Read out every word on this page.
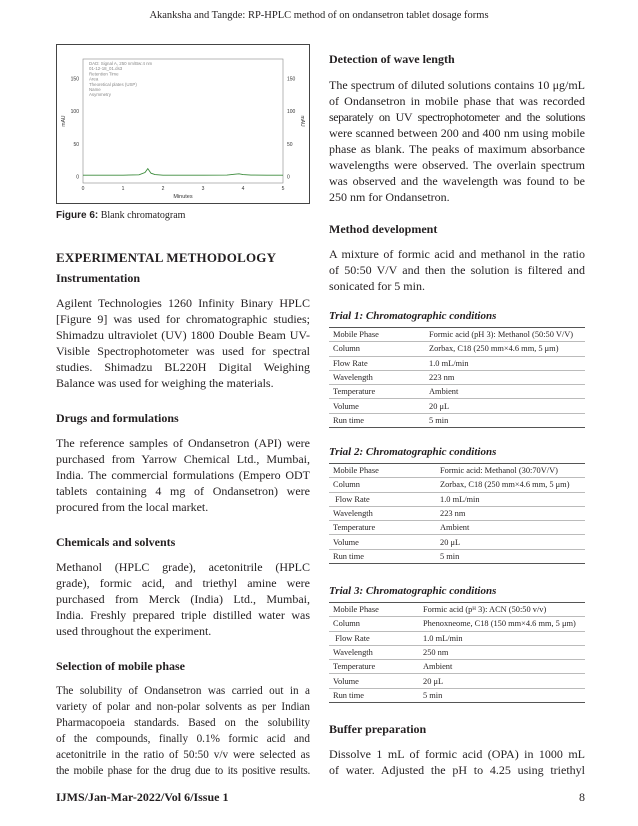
Akanksha and Tangde: RP-HPLC method of on ondansetron tablet dosage forms
0	0
50	50
100	100
150	150
0	1	2	3	4	5
Minutes
mAU	mAU
DAD: Signal A, 250 nm/Bw:4 nm
01-12-18_01.ds3
Retention Time
Area
Theoretical plates (USP)
Name
Asymmetry
Figure 6: Blank chromatogram
EXPERIMENTAL METHODOLOGY
Instrumentation

Agilent Technologies 1260 Infinity Binary HPLC

[Figure 9] was used for chromatographic studies;

Shimadzu ultraviolet (UV) 1800 Double Beam UV-

Visible Spectrophotometer was used for spectral

studies. Shimadzu BL220H Digital Weighing

Balance was used for weighing the materials.

Drugs and formulations

The reference samples of Ondansetron (API) were

purchased from Yarrow Chemical Ltd., Mumbai,

India. The commercial formulations (Empero ODT

tablets containing 4 mg of Ondansetron) were

procured from the local market.

Chemicals and solvents

Methanol (HPLC grade), acetonitrile (HPLC

grade), formic acid, and triethyl amine were

purchased from Merck (India) Ltd., Mumbai,

India. Freshly prepared triple distilled water was

used throughout the experiment.

Selection of mobile phase

The solubility of Ondansetron was carried out in a

variety of polar and non-polar solvents as per Indian

Pharmacopoeia standards. Based on the solubility

of the compounds, finally 0.1% formic acid and

acetonitrile in the ratio of 50:50 v/v were selected as

the mobile phase for the drug due to its positive results.

Detection of wave length

The spectrum of diluted solutions contains 10 μg/mL

of Ondansetron in mobile phase that was recorded

separately on UV spectrophotometer and the solutions

were scanned between 200 and 400 nm using mobile

phase as blank. The peaks of maximum absorbance

wavelengths were observed. The overlain spectrum

was observed and the wavelength was found to be

250 nm for Ondansetron.

Method development

A mixture of formic acid and methanol in the ratio

of 50:50 V/V and then the solution is filtered and

sonicated for 5 min.

Trial 1: Chromatographic conditions
Mobile Phase	Formic acid (pH 3): Methanol (50:50 V/V)
Column	Zorbax, C18 (250 mm×4.6 mm, 5 μm)
Flow Rate	1.0 mL/min
Wavelength	223 nm
Temperature	Ambient
Volume	20 μL
Run time	5 min
Trial 2: Chromatographic conditions
Mobile Phase	Formic acid: Methanol (30:70V/V)
Column	Zorbax, C18 (250 mm×4.6 mm, 5 μm)
Flow Rate	1.0 mL/min
Wavelength	223 nm
Temperature	Ambient
Volume	20 μL
Run time	5 min
Trial 3: Chromatographic conditions
Mobile Phase	Formic acid (pᴴ 3): ACN (50:50 v/v)
Column	Phenoxneome, C18 (150 mm×4.6 mm, 5 μm)
Flow Rate	1.0 mL/min
Wavelength	250 nm
Temperature	Ambient
Volume	20 μL
Run time	5 min
Buffer preparation

Dissolve 1 mL of formic acid (OPA) in 1000 mL

of water. Adjusted the pH to 4.25 using triethyl

IJMS/Jan-Mar-2022/Vol 6/Issue 1	8
